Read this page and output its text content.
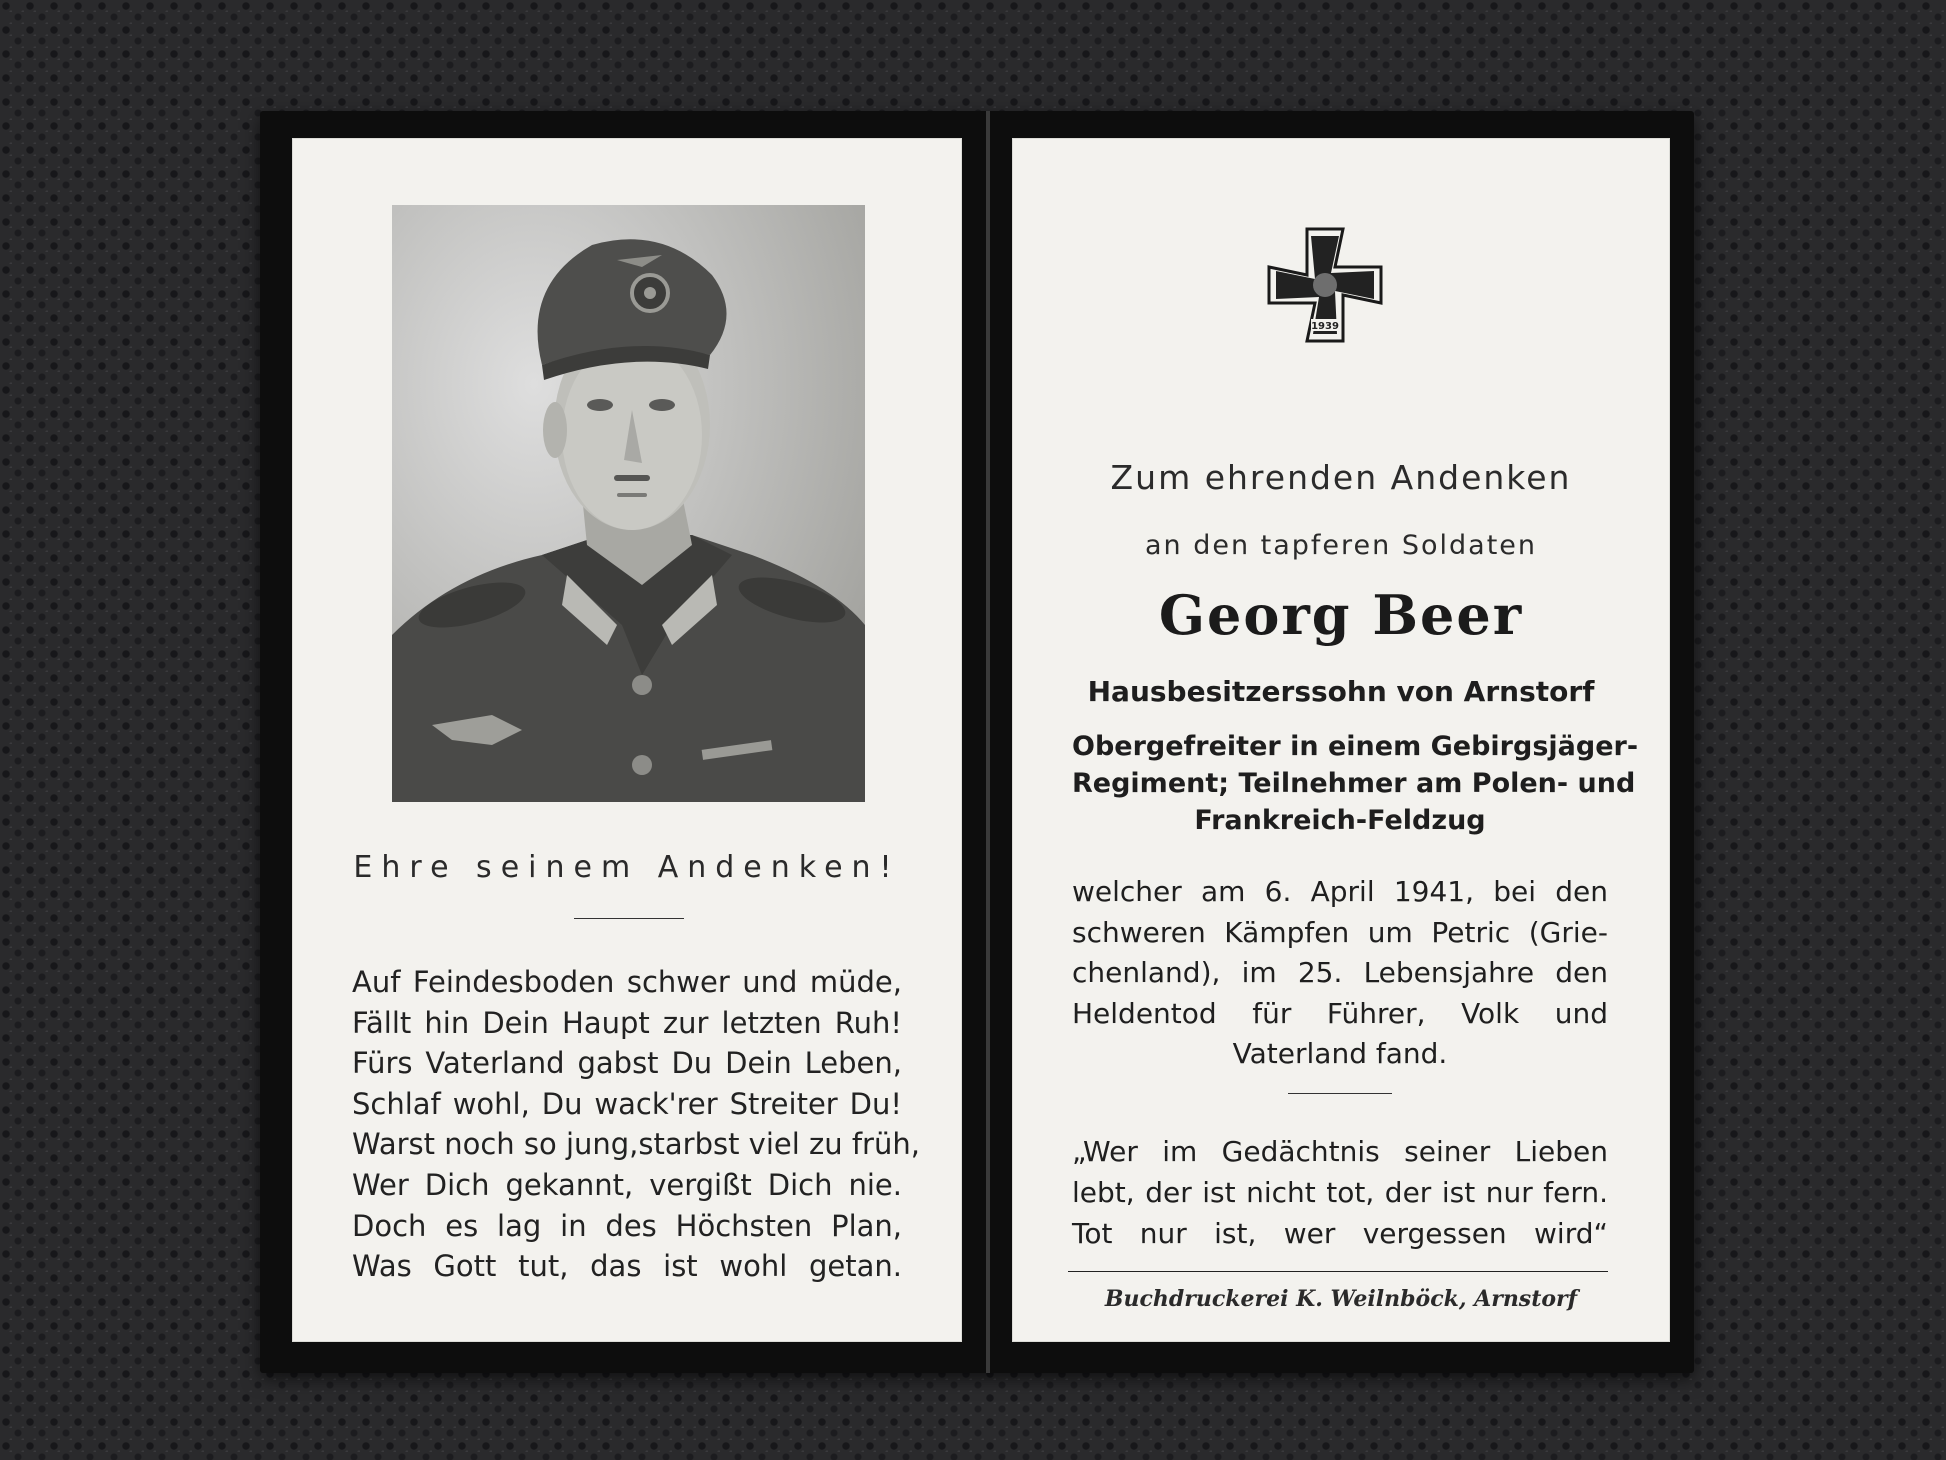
Ehre seinem Andenken!
Auf Feindesboden schwer und müde,
Fällt hin Dein Haupt zur letzten Ruh!
Fürs Vaterland gabst Du Dein Leben,
Schlaf wohl, Du wack'rer Streiter Du!
Warst noch so jung,starbst viel zu früh,
Wer Dich gekannt, vergißt Dich nie.
Doch es lag in des Höchsten Plan,
Was Gott tut, das ist wohl getan.
1939
Zum ehrenden Andenken
an den tapferen Soldaten
Georg Beer
Hausbesitzerssohn von Arnstorf
Obergefreiter in einem Gebirgsjäger-
Regiment; Teilnehmer am Polen- und
Frankreich-Feldzug
welcher am 6. April 1941, bei den
schweren Kämpfen um Petric (Grie-
chenland), im 25. Lebensjahre den
Heldentod für Führer, Volk und
Vaterland fand.
„Wer im Gedächtnis seiner Lieben
lebt, der ist nicht tot, der ist nur fern.
Tot nur ist, wer vergessen wird“
Buchdruckerei K. Weilnböck, Arnstorf
